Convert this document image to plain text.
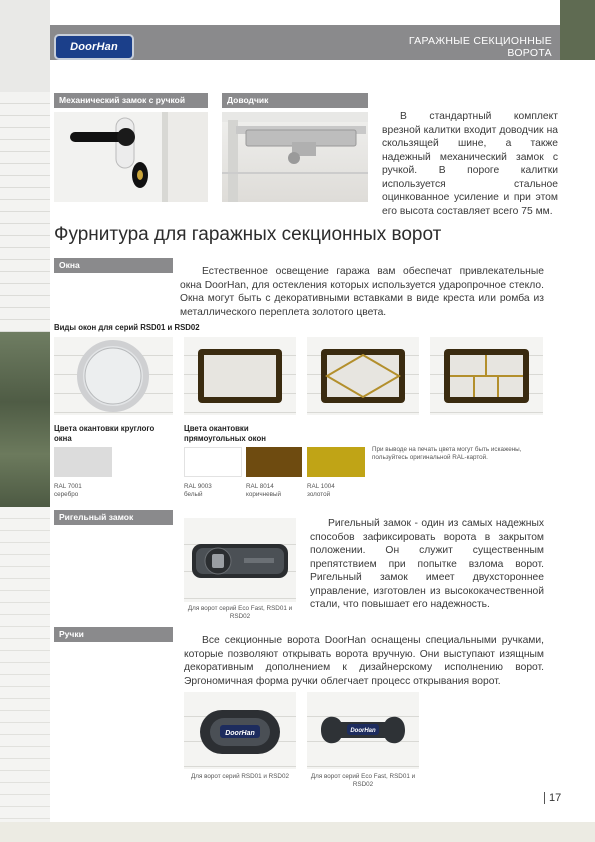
DoorHan	ГАРАЖНЫЕ СЕКЦИОННЫЕ ВОРОТА
Механический замок с ручкой	Доводчик
В стандартный комплект врезной калитки входит доводчик на скользящей шине, а также надежный механический замок с ручкой. В пороге калитки используется стальное оцинкованное усиление и при этом его высота составляет всего 75 мм.
Фурнитура для гаражных секционных ворот
Окна
Естественное освещение гаража вам обеспечат привлекательные окна DoorHan, для остекления которых используется ударопрочное стекло. Окна могут быть с декоративными вставками в виде креста или ромба из металлического переплета золотого цвета.
Виды окон для серий RSD01 и RSD02
Цвета окантовки круглого окна
Цвета окантовки прямоугольных окон
При выводе на печать цвета могут быть искажены, пользуйтесь оригинальной RAL-картой.
RAL 7001
серебро
RAL 9003
белый
RAL 8014
коричневый
RAL 1004
золотой
Ригельный замок
Для ворот серий Eco Fast, RSD01 и RSD02
Ригельный замок - один из самых надежных способов зафиксировать ворота в закрытом положении. Он служит существенным препятствием при попытке взлома ворот. Ригельный замок имеет двухстороннее управление, изготовлен из высококачественной стали, что повышает его надежность.
Ручки
Все секционные ворота DoorHan оснащены специальными ручками, которые позволяют открывать ворота вручную. Они выступают изящным декоративным дополнением к дизайнерскому исполнению ворот. Эргономичная форма ручки облегчает процесс открывания ворот.
DoorHan	DoorHan
Для ворот серий RSD01 и RSD02	Для ворот серий Eco Fast, RSD01 и RSD02
17
